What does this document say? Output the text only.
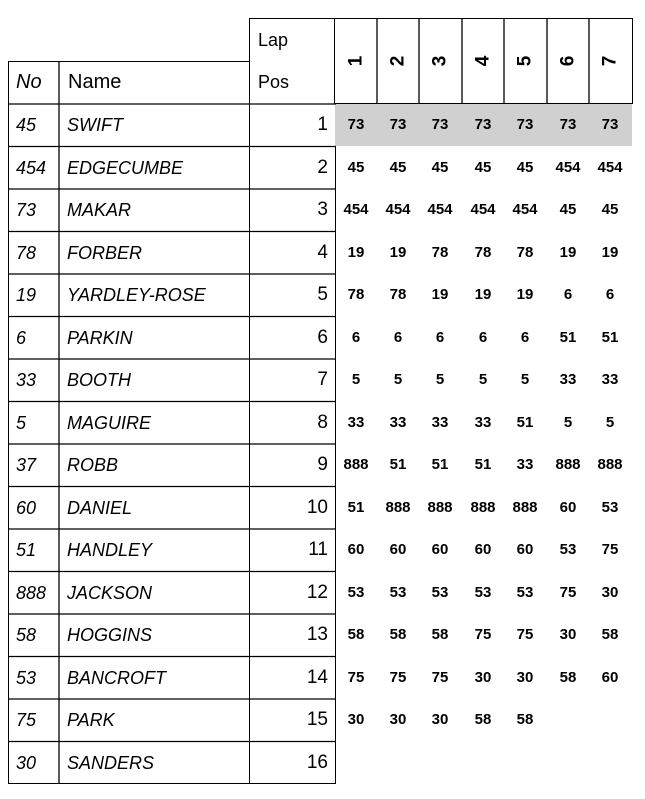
No Name
Lap
Pos
1 2 3 4 5 6 7
45 SWIFT	1	73	73	73	73	73	73	73
454 EDGECUMBE	2	45	45	45	45	45	454	454
73 MAKAR	3	454	454	454	454	454	45	45
78 FORBER	4	19	19	78	78	78	19	19
19 YARDLEY-ROSE	5	78	78	19	19	19	6	6
6 PARKIN	6	6	6	6	6	6	51	51
33 BOOTH	7	5	5	5	5	5	33	33
5 MAGUIRE	8	33	33	33	33	51	5	5
37 ROBB	9	888	51	51	51	33	888	888
60 DANIEL	10	51	888	888	888	888	60	53
51 HANDLEY	11	60	60	60	60	60	53	75
888 JACKSON	12	53	53	53	53	53	75	30
58 HOGGINS	13	58	58	58	75	75	30	58
53 BANCROFT	14	75	75	75	30	30	58	60
75 PARK	15	30	30	30	58	58
30 SANDERS	16
